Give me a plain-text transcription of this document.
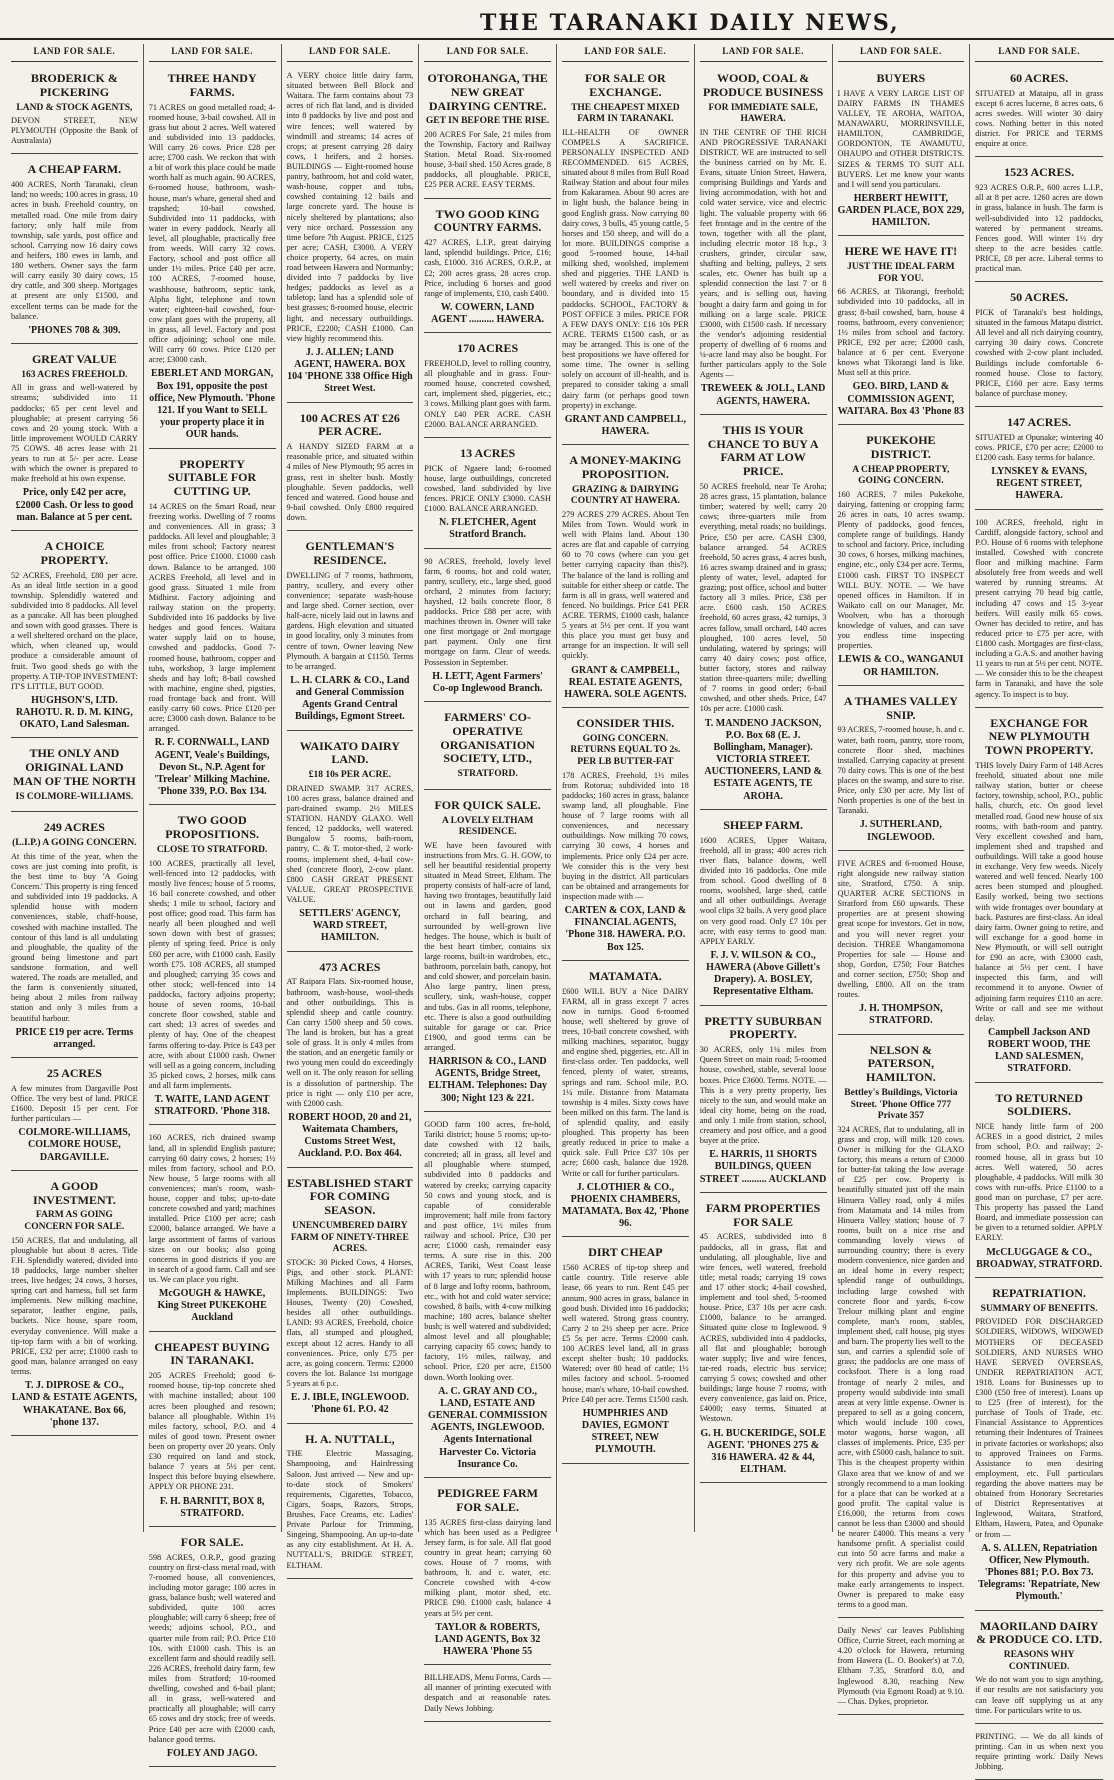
THE TARANAKI DAILY NEWS,
LAND FOR SALE.
BRODERICK & PICKERING
LAND & STOCK AGENTS,

DEVON STREET, NEW PLYMOUTH (Opposite the Bank of Australasia)

A CHEAP FARM.

400 ACRES, North Taranaki, clean land; no weeds; 100 acres in grass, 10 acres in bush. Freehold country, on metalled road. One mile from dairy factory; only half mile from township, sale yards, post office and school. Carrying now 16 dairy cows and heifers, 180 ewes in lamb, and 180 wethers. Owner says the farm will carry easily 30 dairy cows, 15 dry cattle, and 300 sheep. Mortgages at present are only £1500, and excellent terms can be made for the balance.

'PHONES 708 & 309.
GREAT VALUE
163 ACRES FREEHOLD.

All in grass and well-watered by streams; subdivided into 11 paddocks; 65 per cent level and ploughable; at present carrying 56 cows and 20 young stock. With a little improvement WOULD CARRY 75 COWS. 48 acres lease with 21 years to run at 5/- per acre. Lease with which the owner is prepared to make freehold at his own expense.

Price, only £42 per acre, £2000 Cash. Or less to good man. Balance at 5 per cent.
A CHOICE PROPERTY.

52 ACRES, Freehold, £80 per acre. As an ideal little section in a good township. Splendidly watered and subdivided into 8 paddocks. All level as a pancake. All has been ploughed and sown with good grasses. There is a well sheltered orchard on the place, which, when cleaned up, would produce a considerable amount of fruit. Two good sheds go with the property. A TIP-TOP INVESTMENT: IT'S LITTLE, BUT GOOD.

HUGHSON'S, LTD. RAHOTU. R. D. M. KING, OKATO, Land Salesman.
THE ONLY AND ORIGINAL LAND MAN OF THE NORTH
IS COLMORE-WILLIAMS.
249 ACRES
(L.I.P.) A GOING CONCERN.

At this time of the year, when the cows are just coming into profit, is the best time to buy 'A Going Concern.' This property is ring fenced and subdivided into 19 paddocks. A splendid house with modern conveniences, stable, chaff-house, cowshed with machine installed. The contour of this land is all undulating and ploughable, the quality of the ground being limestone and part sandstone formation, and well watered. The roads are metalled, and the farm is conveniently situated, being about 2 miles from railway station and only 3 miles from a beautiful harbour.

PRICE £19 per acre. Terms arranged.
25 ACRES

A few minutes from Dargaville Post Office. The very best of land. PRICE £1600. Deposit 15 per cent. For further particulars —

COLMORE-WILLIAMS, COLMORE HOUSE, DARGAVILLE.
A GOOD INVESTMENT.
FARM AS GOING CONCERN FOR SALE.

150 ACRES, flat and undulating, all ploughable but about 8 acres. Title F.H. Splendidly watered, divided into 18 paddocks, large number shelter trees, live hedges; 24 cows, 3 horses, spring cart and harness, full set farm implements. New milking machine, separator, leather engine, pails, buckets. Nice house, spare room, everyday convenience. Will make a tip-top farm with a bit of working. PRICE, £32 per acre; £1000 cash to good man, balance arranged on easy terms.

T. J. DIPROSE & CO., LAND & ESTATE AGENTS, WHAKATANE. Box 66, 'phone 137.
LAND FOR SALE.
THREE HANDY FARMS.

71 ACRES on good metalled road; 4-roomed house, 3-bail cowshed. All in grass but about 2 acres. Well watered and subdivided into 13 paddocks. Will carry 26 cows. Price £28 per acre; £700 cash. We reckon that with a bit of work this place could be made worth half as much again. 90 ACRES, 6-roomed house, bathroom, wash-house, man's whare, general shed and trapshed; 10-bail cowshed. Subdivided into 11 paddocks, with water in every paddock. Nearly all level, all ploughable, practically free from weeds. Will carry 32 cows. Factory, school and post office all under 1½ miles. Price £40 per acre. 100 ACRES, 7-roomed house, washhouse, bathroom, septic tank, Alpha light, telephone and town water; eighteen-bail cowshed, four-cow plant goes with the property, all in grass, all level. Factory and post office adjoining; school one mile. Will carry 60 cows. Price £120 per acre; £3000 cash.

EBERLET AND MORGAN, Box 191, opposite the post office, New Plymouth. 'Phone 121. If you Want to SELL your property place it in OUR hands.
PROPERTY SUITABLE FOR CUTTING UP.

14 ACRES on the Smart Road, near freezing works. Dwelling of 7 rooms and conveniences. All in grass; 3 paddocks. All level and ploughable; 3 miles from school; Factory nearest post office. Price £1000. £1000 cash down. Balance to be arranged. 100 ACRES Freehold, all level and in good grass. Situated 1 mile from Midhirst. Factory adjoining and railway station on the property. Subdivided into 16 paddocks by live hedges and good fences. Waitara water supply laid on to house, cowshed and paddocks. Good 7-roomed house, bathroom, copper and tubs, workshop, 3 large implement sheds and hay loft; 8-bail cowshed with machine, engine shed, pigsties, road frontage back and front. Will easily carry 60 cows. Price £120 per acre; £3000 cash down. Balance to be arranged.

R. F. CORNWALL, LAND AGENT, Veale's Buildings, Devon St., N.P. Agent for 'Trelear' Milking Machine. 'Phone 339, P.O. Box 134.
TWO GOOD PROPOSITIONS.
CLOSE TO STRATFORD.

100 ACRES, practically all level, well-fenced into 12 paddocks, with mostly live fences; house of 5 rooms, 16 bail concrete cowshed, and other sheds; 1 mile to school, factory and post office; good road. This farm has nearly all been ploughed and well sown down with best of grasses; plenty of spring feed. Price is only £60 per acre, with £1000 cash. Easily worth £75. 108 ACRES, all stumped and ploughed; carrying 35 cows and other stock; well-fenced into 14 paddocks, factory adjoins property; house of seven rooms, 10-bail concrete floor cowshed, stable and cart shed; 13 acres of swedes and plenty of hay. One of the cheapest farms offering to-day. Price is £43 per acre, with about £1000 cash. Owner will sell as a going concern, including 35 picked cows, 2 horses, milk cans and all farm implements.

T. WAITE, LAND AGENT STRATFORD. 'Phone 318.

160 ACRES, rich drained swamp land, all in splendid English pasture; carrying 60 dairy cows, 2 horses; 1½ miles from factory, school and P.O. New house, 5 large rooms with all conveniences; man's room, wash-house, copper and tubs; up-to-date concrete cowshed and yard; machines installed. Price £100 per acre; cash £2000, balance arranged. We have a large assortment of farms of various sizes on our books; also going concerns in good districts if you are in search of a good farm. Call and see us. We can place you right.

McGOUGH & HAWKE, King Street PUKEKOHE Auckland
CHEAPEST BUYING IN TARANAKI.

205 ACRES Freehold; good 6-roomed house, tip-top concrete shed with machine installed; about 100 acres been ploughed and resown; balance all ploughable. Within 1½ miles factory, school, P.O. and 4 miles of good town. Present owner been on property over 20 years. Only £30 required on land and stock, balance 7 years at 5½ per cent. Inspect this before buying elsewhere. APPLY OR PHONE 231.

F. H. BARNITT, BOX 8, STRATFORD.
FOR SALE.

598 ACRES, O.R.P., good grazing country on first-class metal road, with 7-roomed house, all conveniences, including motor garage; 100 acres in grass, balance bush; well watered and subdivided, quite 100 acres ploughable; will carry 6 sheep; free of weeds; adjoins school, P.O., and quarter mile from rail; P.O. Price £10 10s. with £1000 cash. This is an excellent farm and should readily sell. 226 ACRES, freehold dairy farm, few miles from Stratford; 10-roomed dwelling, cowshed and 6-bail plant; all in grass, well-watered and practically all ploughable; will carry 65 cows and dry stock; free of weeds. Price £40 per acre with £2000 cash, balance good terms.

FOLEY AND JAGO.
LAND FOR SALE.

A VERY choice little dairy farm, situated between Bell Block and Waitara. The farm contains about 73 acres of rich flat land, and is divided into 8 paddocks by live and post and wire fences; well watered by windmill and streams; 14 acres of crops; at present carrying 28 dairy cows, 1 heifers, and 2 horses. BUILDINGS — Eight-roomed house pantry, bathroom, hot and cold water, wash-house, copper and tubs, cowshed containing 12 bails and large concrete yard. The house is nicely sheltered by plantations; also very nice orchard. Possession any time before 7th August. PRICE, £125 per acre; CASH, £3000. A VERY choice property, 64 acres, on main road between Hawera and Normanby; divided into 7 paddocks by live hedges; paddocks as level as a tabletop; land has a splendid sole of best grasses; 8-roomed house, electric light, and necessary outbuildings. PRICE, £2200; CASH £1000. Can view highly recommend this.

J. J. ALLEN; LAND AGENT, HAWERA. BOX 104 'PHONE 338 Office High Street West.
100 ACRES AT £26 PER ACRE.

A HANDY SIZED FARM at a reasonable price, and situated within 4 miles of New Plymouth; 95 acres in grass, rest in shelter bush. Mostly ploughable. Seven paddocks, well fenced and watered. Good house and 9-bail cowshed. Only £800 required down.

GENTLEMAN'S RESIDENCE.

DWELLING of 7 rooms, bathroom, pantry, scullery, and every other convenience; separate wash-house and large shed. Corner section, over half-acre, nicely laid out in lawns and gardens. High elevation and situated in good locality, only 3 minutes from centre of town. Owner leaving New Plymouth. A bargain at £1150. Terms to be arranged.

L. H. CLARK & CO., Land and General Commission Agents Grand Central Buildings, Egmont Street.
WAIKATO DAIRY LAND.
£18 10s PER ACRE.

DRAINED SWAMP. 317 ACRES, 100 acres grass, balance drained and part-drained swamp. 2½ MILES STATION. HANDY GLAXO. Well fenced, 12 paddocks, well watered. Bungalow 5 rooms, bath-room, pantry, C. & T. motor-shed, 2 work-rooms, implement shed, 4-bail cow-shed (concrete floor), 2-cow plant. £800 CASH GREAT PRESENT VALUE. GREAT PROSPECTIVE VALUE.

SETTLERS' AGENCY, WARD STREET, HAMILTON.
473 ACRES

AT Raipara Flats. Six-roomed house, bathroom, wash-house, wool-sheds and other outbuildings. This is splendid sheep and cattle country. Can carry 1500 sheep and 50 cows. The land is broken, but has a great sole of grass. It is only 4 miles from the station, and an energetic family or two young men could do exceedingly well on it. The only reason for selling is a dissolution of partnership. The price is right — only £10 per acre, with £2000 cash.

ROBERT HOOD, 20 and 21, Waitemata Chambers, Customs Street West, Auckland. P.O. Box 464.
ESTABLISHED START FOR COMING SEASON.
UNENCUMBERED DAIRY FARM OF NINETY-THREE ACRES.

STOCK: 30 Picked Cows, 4 Horses, Pigs, and other stock. PLANT: Milking Machines and all Farm Implements. BUILDINGS: Two Houses, Twenty (20) Cowshed, besides all other outbuildings. LAND: 93 ACRES, Freehold, choice flats, all stumped and ploughed, except about 12 acres. Handy to all conveniences. Price, only £75 per acre, as going concern. Terms: £2000 covers the lot. Balance 1st mortgage 5 years at 6 p.c.

E. J. IBLE, INGLEWOOD. 'Phone 61. P.O. 42
H. A. NUTTALL,

THE Electric Massaging, Shampooing, and Hairdressing Saloon. Just arrived — New and up-to-date stock of Smokers' requirements, Cigarettes, Tobacco, Cigars, Soaps, Razors, Strops, Brushes, Face Creams, etc. Ladies' Private Parlour for Trimming, Singeing, Shampooing. An up-to-date as any city establishment. At H. A. NUTTALL'S, BRIDGE STREET, ELTHAM.

LAND FOR SALE.
OTOROHANGA, THE NEW GREAT DAIRYING CENTRE.
GET IN BEFORE THE RISE.

200 ACRES For Sale, 21 miles from the Township, Factory and Railway Station. Metal Road. Six-roomed house, 3-bail shed. 150 Acres grade, 8 paddocks, all ploughable. PRICE, £25 PER ACRE. EASY TERMS.

TWO GOOD KING COUNTRY FARMS.

427 ACRES, L.I.P., great dairying land, splendid buildings. Price, £16; cash, £1000. 316 ACRES, O.R.P., at £2; 200 acres grass, 28 acres crop. Price, including 6 horses and good range of implements, £10, cash £400.

W. COWERN, LAND AGENT .......... HAWERA.
170 ACRES

FREEHOLD, level to rolling country, all ploughable and in grass. Four-roomed house, concreted cowshed, cart, implement shed, piggeries, etc.; 3 cows. Milking plant goes with farm. ONLY £40 PER ACRE. CASH £2000. BALANCE ARRANGED.

13 ACRES

PICK of Ngaere land; 6-roomed house, large outbuildings, concreted cowshed, land subdivided by live fences. PRICE ONLY £3000. CASH £1000. BALANCE ARRANGED.

N. FLETCHER, Agent Stratford Branch.

90 ACRES, freehold, lovely level farm, 6 rooms, hot and cold water, pantry, scullery, etc., large shed, good orchard, 2 minutes from factory; hayshed, 12 bails concrete floor, 8 paddocks. Price £88 per acre, with machines thrown in. Owner will take one first mortgage or 2nd mortgage part payment. Only one first mortgage on farm. Clear of weeds. Possession in September.

H. LETT, Agent Farmers' Co-op Inglewood Branch.
FARMERS' CO-OPERATIVE ORGANISATION SOCIETY, LTD.,
STRATFORD.
FOR QUICK SALE.
A LOVELY ELTHAM RESIDENCE.

WE have been favoured with instructions from Mrs. G. H. GOW, to sell her beautiful residential property situated in Mead Street, Eltham. The property consists of half-acre of land, having two frontages, beautifully laid out in lawns and garden, good orchard in full bearing, and surrounded by well-grown live hedges. The house, which is built of the best heart timber, contains six large rooms, built-in wardrobes, etc., bathroom, porcelain bath, canopy, hot and cold shower, and porcelain basin. Also large pantry, linen press, scullery, sink, wash-house, copper and tubs. Gas in all rooms, telephone, etc. There is also a good outbuilding suitable for garage or car. Price £1900, and good terms can be arranged.

HARRISON & CO., LAND AGENTS, Bridge Street, ELTHAM. Telephones: Day 300; Night 123 & 221.

GOOD farm 100 acres, fre-hold, Tariki district; house 5 rooms; up-to-date cowshed with 12 bails, concreted; all in grass, all level and all ploughable where stumped, subdivided into 8 paddocks and watered by creeks; carrying capacity 50 cows and young stock, and is capable of considerable improvement; half mile from factory and post office, 1½ miles from railway and school. Price, £30 per acre; £1000 cash, remainder easy terms. A sure rise in this. 200 ACRES, Tariki, West Coast lease with 17 years to run; splendid house of 8 large and lofty rooms, bathroom, etc., with hot and cold water service; cowshed, 8 bails, with 4-cow milking machine; 180 acres, balance shelter bush; is well watered and subdivided; almost level and all ploughable; carrying capacity 65 cows; handy to factory, 1½ miles, railway, and school. Price, £20 per acre, £1500 down. Worth looking over.

A. C. GRAY AND CO., LAND, ESTATE AND GENERAL COMMISSION AGENTS, INGLEWOOD. Agents International Harvester Co. Victoria Insurance Co.
PEDIGREE FARM FOR SALE.

135 ACRES first-class dairying land which has been used as a Pedigree Jersey farm, is for sale. All flat good country in great heart; carrying 60 cows. House of 7 rooms, with bathroom, h. and c. water, etc. Concrete cowshed with 4-cow milking plant, motor shed, etc. PRICE £90. £1000 cash, balance 4 years at 5½ per cent.

TAYLOR & ROBERTS, LAND AGENTS, Box 32 HAWERA 'Phone 55

BILLHEADS, Menu Forms, Cards — all manner of printing executed with despatch and at reasonable rates. Daily News Jobbing.

LAND FOR SALE.
FOR SALE OR EXCHANGE.
THE CHEAPEST MIXED FARM IN TARANAKI.

ILL-HEALTH OF OWNER COMPELS A SACRIFICE. PERSONALLY INSPECTED AND RECOMMENDED. 615 ACRES, situated about 8 miles from Bull Road Railway Station and about four miles from Kakaramea. About 90 acres are in light bush, the balance being in good English grass. Now carrying 80 dairy cows, 3 bulls, 45 young cattle, 5 horses and 150 sheep, and will do a lot more. BUILDINGS comprise a good 5-roomed house, 14-bail milking shed, woolshed, implement shed and piggeries. THE LAND is well watered by creeks and river on boundary, and is divided into 15 paddocks. SCHOOL, FACTORY & POST OFFICE 3 miles. PRICE FOR A FEW DAYS ONLY: £16 10s PER ACRE. TERMS £1500 cash, or as may be arranged. This is one of the best propositions we have offered for some time. The owner is selling solely on account of ill-health, and is prepared to consider taking a small dairy farm (or perhaps good town property) in exchange.

GRANT AND CAMPBELL, HAWERA.
A MONEY-MAKING PROPOSITION.
GRAZING & DAIRYING COUNTRY AT HAWERA.

279 ACRES 279 ACRES. About Ten Miles from Town. Would work in well with Plains land. About 130 acres are flat and capable of carrying 60 to 70 cows (where can you get better carrying capacity than this?). The balance of the land is rolling and suitable for either sheep or cattle. The farm is all in grass, well watered and fenced. No buildings. Price £41 PER ACRE. TERMS, £1000 cash, balance 5 years at 5½ per cent. If you want this place you must get busy and arrange for an inspection. It will sell quickly.

GRANT & CAMPBELL, REAL ESTATE AGENTS, HAWERA. SOLE AGENTS.
CONSIDER THIS.
GOING CONCERN. RETURNS EQUAL TO 2s. PER LB BUTTER-FAT

178 ACRES, Freehold, 1½ miles from Rotorua; subdivided into 18 paddocks; 160 acres in grass, balance swamp land, all ploughable. Fine house of 7 large rooms with all conveniences, and necessary outbuildings. Now milking 70 cows, carrying 30 cows, 4 horses and implements. Price only £24 per acre. We consider this is the very best buying in the district. All particulars can be obtained and arrangements for inspection made with —

CARTEN & COX, LAND & FINANCIAL AGENTS, 'Phone 318. HAWERA. P.O. Box 125.
MATAMATA.

£600 WILL BUY a Nice DAIRY FARM, all in grass except 7 acres now in turnips. Good 6-roomed house, well sheltered by grove of trees, 10-bail concrete cowshed, with milking machines, separator, buggy and engine shed, piggeries, etc. All in first-class order. Ten paddocks, well fenced, plenty of water, streams, springs and ram. School mile, P.O. 1¼ mile. Distance from Matamata township is 4 miles. Sixty cows have been milked on this farm. The land is of splendid quality, and easily ploughed. This property has been greatly reduced in price to make a quick sale. Full Price £37 10s per acre; £600 cash, balance due 1928. Write or call for further particulars.

J. CLOTHIER & CO., PHOENIX CHAMBERS, MATAMATA. Box 42, 'Phone 96.
DIRT CHEAP

1560 ACRES of tip-top sheep and cattle country. Title reserve able lease, 66 years to run. Rent £45 per annum. 900 acres in grass, balance in good bush. Divided into 16 paddocks; well watered. Strong grass country. Carry 2 to 2½ sheep per acre. Price £5 5s per acre. Terms £2000 cash. 100 ACRES level land, all in grass except shelter bush; 10 paddocks. Watered; over 80 head of cattle; 1½ miles factory and school. 5-roomed house, man's whare, 10-bail cowshed. Price £40 per acre. Terms £1500 cash.

HUMPHRIES AND DAVIES, EGMONT STREET, NEW PLYMOUTH.
LAND FOR SALE.
WOOD, COAL & PRODUCE BUSINESS
FOR IMMEDIATE SALE, HAWERA.

IN THE CENTRE OF THE RICH AND PROGRESSIVE TARANAKI DISTRICT. WE are instructed to sell the business carried on by Mr. E. Evans, situate Union Street, Hawera, comprising Buildings and Yards and living accommodation, with hot and cold water service, vice and electric light. The valuable property with 66 feet frontage and in the centre of the town, together with all the plant, including electric motor 18 h.p., 3 crushers, grinder, circular saw, shafting and belting, pulleys, 2 sets scales, etc. Owner has built up a splendid connection the last 7 or 8 years, and is selling out, having bought a dairy farm and going in for milking on a large scale. PRICE £3000, with £1500 cash. If necessary the vendor's adjoining residential property of dwelling of 6 rooms and ¼-acre land may also be bought. For further particulars apply to the Sole Agents —

TREWEEK & JOLL, LAND AGENTS, HAWERA.
THIS IS YOUR CHANCE TO BUY A FARM AT LOW PRICE.

50 ACRES freehold, near Te Aroha; 28 acres grass, 15 plantation, balance timber; watered by well; carry 20 cows; three-quarters mile from everything, metal roads; no buildings. Price, £50 per acre. CASH £300, balance arranged. 54 ACRES freehold, 50 acres grass, 4 acres bush, 16 acres swamp drained and in grass; plenty of water, level, adapted for grazing; post office, school and butter factory all 3 miles. Price, £38 per acre. £600 cash. 150 ACRES freehold, 60 acres grass, 42 turnips, 3 acres fallow, small orchard, 140 acres ploughed, 100 acres level, 50 undulating, watered by springs; will carry 40 dairy cows; post office, butter factory, stores and railway station three-quarters mile; dwelling of 7 rooms in good order; 6-bail cowshed, and other sheds. Price, £47 10s per acre. £1000 cash.

T. MANDENO JACKSON, P.O. Box 68 (E. J. Bollingham, Manager). VICTORIA STREET. AUCTIONEERS, LAND & ESTATE AGENTS, TE AROHA.
SHEEP FARM.

1600 ACRES, Upper Waitara, freehold, all in grass; 400 acres rich river flats, balance downs, well divided into 16 paddocks. One mile from school. Good dwelling of 8 rooms, woolshed, large shed, cattle and all other outbuildings. Average wool clips 32 bails. A very good place on very good road. Only £7 10s per acre, with easy terms to good man. APPLY EARLY.

F. J. V. WILSON & CO., HAWERA (Above Gillett's Drapery). A. BOSLEY, Representative Eltham.
PRETTY SUBURBAN PROPERTY.

30 ACRES, only 1¼ miles from Queen Street on main road; 5-roomed house, cowshed, stable, several loose boxes. Price £3600. Terms. NOTE. — This is a very pretty property, lies nicely to the sun, and would make an ideal city home, being on the road, and only 1 mile from station, school, creamery and post office, and a good buyer at the price.

E. HARRIS, 11 SHORTS BUILDINGS, QUEEN STREET .......... AUCKLAND
FARM PROPERTIES FOR SALE

45 ACRES, subdivided into 8 paddocks, all in grass, flat and undulating, all ploughable, live and wire fences, well watered, freehold title; metal roads; carrying 19 cows and 17 other stock; 4-bail cowshed, implement and tool shed, 5-roomed house. Price, £37 10s per acre cash. £1000, balance to be arranged. Situated quite close to Inglewood. 9 ACRES, subdivided into 4 paddocks, all flat and ploughable; borough water supply; live and wire fences, tar-red roads, electric bus service; carrying 5 cows; cowshed and other buildings; large house 7 rooms, with every convenience, gas laid on. Price, £4000; easy terms. Situated at Westown.

G. H. BUCKERIDGE, SOLE AGENT. 'PHONES 275 & 316 HAWERA. 42 & 44, ELTHAM.
LAND FOR SALE.
BUYERS

I HAVE A VERY LARGE LIST OF DAIRY FARMS IN THAMES VALLEY, TE AROHA, WAITOA, MANAWARU, MORRINSVILLE, HAMILTON, CAMBRIDGE, GORDONTON, TE AWAMUTU, OHAUPO and OTHER DISTRICTS. SIZES & TERMS TO SUIT ALL BUYERS. Let me know your wants and I will send you particulars.

HERBERT HEWITT, GARDEN PLACE, BOX 229, HAMILTON.
HERE WE HAVE IT!
JUST THE IDEAL FARM FOR YOU.

66 ACRES, at Tikorangi, freehold; subdivided into 10 paddocks, all in grass; 8-bail cowshed, barn, house 4 rooms, bathroom, every convenience; 1½ miles from school and factory. PRICE, £92 per acre; £2000 cash, balance at 6 per cent. Everyone knows what Tikorangi land is like. Must sell at this price.

GEO. BIRD, LAND & COMMISSION AGENT, WAITARA. Box 43 'Phone 83
PUKEKOHE DISTRICT.
A CHEAP PROPERTY, GOING CONCERN.

160 ACRES, 7 miles Pukekohe, dairying, fattening or cropping farm; 26 acres in oats, 10 acres swamp. Plenty of paddocks, good fences, complete range of buildings. Handy to school and factory. Price, including 30 cows, 6 horses, milking machines, engine, etc., only £34 per acre. Terms, £1000 cash. FIRST TO INSPECT WILL BUY. NOTE. — We have opened offices in Hamilton. If in Waikato call on our Manager, Mr. Woolven, who has a thorough knowledge of values, and can save you endless time inspecting properties.

LEWIS & CO., WANGANUI OR HAMILTON.
A THAMES VALLEY SNIP.

93 ACRES, 7-roomed house, h. and c. water, bath room, pantry, store room, concrete floor shed, machines installed. Carrying capacity at present 70 dairy cows. This is one of the best places on the swamp, and sure to rise. Price, only £30 per acre. My list of North properties is one of the best in Taranaki.

J. SUTHERLAND, INGLEWOOD.

FIVE ACRES and 6-roomed House, right alongside new railway station site, Stratford, £750. A snip. QUARTER ACRE SECTIONS in Stratford from £60 upwards. These properties are at present showing great scope for investors. Get in now, and you will never regret your decision. THREE Whangamomona Properties for sale — House and shop, Gordon, £750; Four Batches and corner section, £750; Shop and dwelling, £800. All on the tram routes.

J. H. THOMPSON, STRATFORD.
NELSON & PATERSON, HAMILTON.
Bettley's Buildings, Victoria Street. 'Phone Office 777 Private 357

324 ACRES, flat to undulating, all in grass and crop, will milk 120 cows. Owner is milking for the GLAXO factory, this means a return of £3000 for butter-fat taking the low average of £25 per cow. Property is beautifully situated just off the main Hinuera Valley road, only 4 miles from Matamata and 14 miles from Hinuera Valley station; house of 7 rooms, built on a nice rise and commanding lovely views of surrounding country; there is every modern convenience, nice garden and an ideal home in every respect; splendid range of outbuildings, including large cowshed with concrete floor and yards, 6-cow Trelour milking plant and engine complete, man's room, stables, implement shed, calf house, pig styes and barn. The property lies well to the sun, and carries a splendid sole of grass; the paddocks are one mass of cocksfoot. There is a long road frontage of nearly 2 miles, and property would subdivide into small areas at very little expense. Owner is prepared to sell as a going concern, which would include 100 cows, motor wagons, horse wagon, all classes of implements. Price, £35 per acre, with £5000 cash, balance to suit. This is the cheapest property within Glaxo area that we know of and we strongly recommend to a man looking for a place that can be worked at a good profit. The capital value is £16,000, the returns from cows cannot be less than £3000 and should be nearer £4000. This means a very handsome profit. A specialist could cut into 50 acre farms and make a very rich profit. We are sole agents for this property and advise you to make early arrangements to inspect. Owner is prepared to make easy terms to a good man.

Daily News' car leaves Publishing Office, Currie Street, each morning at 4.20 o'clock for Hawera, returning from Hawera (L. O. Booker's) at 7.0, Eltham 7.35, Stratford 8.0, and Inglewood 8.30, reaching New Plymouth (via Egmont Road) at 9.10. — Chas. Dykes, proprietor.

LAND FOR SALE.
60 ACRES.

SITUATED at Mataipu, all in grass except 6 acres lucerne, 8 acres oats, 6 acres swedes. Will winter 30 dairy cows. Nothing better in this noted district. For PRICE and TERMS enquire at once.

1523 ACRES.

923 ACRES O.R.P., 600 acres L.I.P., all at 8 per acre. 1260 acres are down in grass, balance in bush. The farm is well-subdivided into 12 paddocks, watered by permanent streams. Fences good. Will winter 1½ dry sheep to the acre besides cattle. PRICE, £8 per acre. Liberal terms to practical man.

50 ACRES.

PICK of Taranaki's best holdings, situated in the famous Matapu district. All level and all rich dairying country, carrying 30 dairy cows. Concrete cowshed with 2-cow plant included. Buildings include comfortable 6-roomed house. Close to factory. PRICE, £160 per acre. Easy terms balance of purchase money.

147 ACRES.

SITUATED at Opunake; wintering 40 cows. PRICE, £70 per acre; £2000 to £1200 cash. Easy terms for balance.

LYNSKEY & EVANS, REGENT STREET, HAWERA.

100 ACRES, freehold, right in Cardiff, alongside factory, school and P.O. House of 6 rooms with telephone installed. Cowshed with concrete floor and milking machine. Farm absolutely free from weeds and well watered by running streams. At present carrying 70 head big cattle, including 47 cows and 15 3-year heifers. Will easily milk 65 cows. Owner has decided to retire, and has reduced price to £75 per acre, with £1800 cash. Mortgages are first-class, including a G.A.S. and another having 11 years to run at 5½ per cent. NOTE. — We consider this to be the cheapest farm in Taranaki, and have the sole agency. To inspect is to buy.

EXCHANGE FOR NEW PLYMOUTH TOWN PROPERTY.

THIS lovely Dairy Farm of 148 Acres freehold, situated about one mile railway station, butter or cheese factory, township, school, P.O., public halls, church, etc. On good level metalled road. Good new house of six rooms, with bath-room and pantry. Very excellent cowshed and barn, implement shed and trapshed and outbuildings. Will take a good house in exchange. Very few weeds. Nicely watered and well fenced. Nearly 100 acres been stumped and ploughed. Easily worked, being two sections with wide frontages over boundary at back. Pastures are first-class. An ideal dairy farm. Owner going to retire, and will exchange for a good home in New Plymouth, or will sell outright for £90 an acre, with £3000 cash, balance at 5½ per cent. I have inspected this farm, and will recommend it to anyone. Owner of adjoining farm requires £110 an acre. Write or call and see me without delay.

Campbell Jackson AND ROBERT WOOD, THE LAND SALESMEN, STRATFORD.
TO RETURNED SOLDIERS.

NICE handy little farm of 200 ACRES in a good district, 2 miles from school, P.O. and railway; 2-roomed house, all in grass but 10 acres. Well watered, 50 acres ploughable, 4 paddocks. Will milk 30 cows with run-offs. Price £1100 to a good man on purchase, £7 per acre. This property has passed the Land Board, and immediate possession can be given to a returned soldier. APPLY EARLY.

McCLUGGAGE & CO., BROADWAY, STRATFORD.
REPATRIATION.
SUMMARY OF BENEFITS.

PROVIDED FOR DISCHARGED SOLDIERS, WIDOWS, WIDOWED MOTHERS OF DECEASED SOLDIERS, AND NURSES WHO HAVE SERVED OVERSEAS, UNDER REPATRIATION ACT, 1918. Loans for Businesses up to £300 (£50 free of interest). Loans up to £25 (free of interest), for the purchase of Tools of Trade, etc. Financial Assistance to Apprentices returning their Indentures of Trainees in private factories or workshops; also to approved Trainees on Farms. Assistance to men desiring employment, etc. Full particulars regarding the above matters may be obtained from Honorary Secretaries of District Representatives at Inglewood, Waitara, Stratford, Eltham, Hawera, Patea, and Opunake or from —

A. S. ALLEN, Repatriation Officer, New Plymouth. 'Phones 881; P.O. Box 73. Telegrams: 'Repatriate, New Plymouth.'
MAORILAND DAIRY & PRODUCE CO. LTD.
REASONS WHY CONTINUED.

We do not want you to sign anything, if our results are not satisfactory you can leave off supplying us at any time. For particulars write to us.

PRINTING. — We do all kinds of printing. Can in us when next you require printing work. Daily News Jobbing.
